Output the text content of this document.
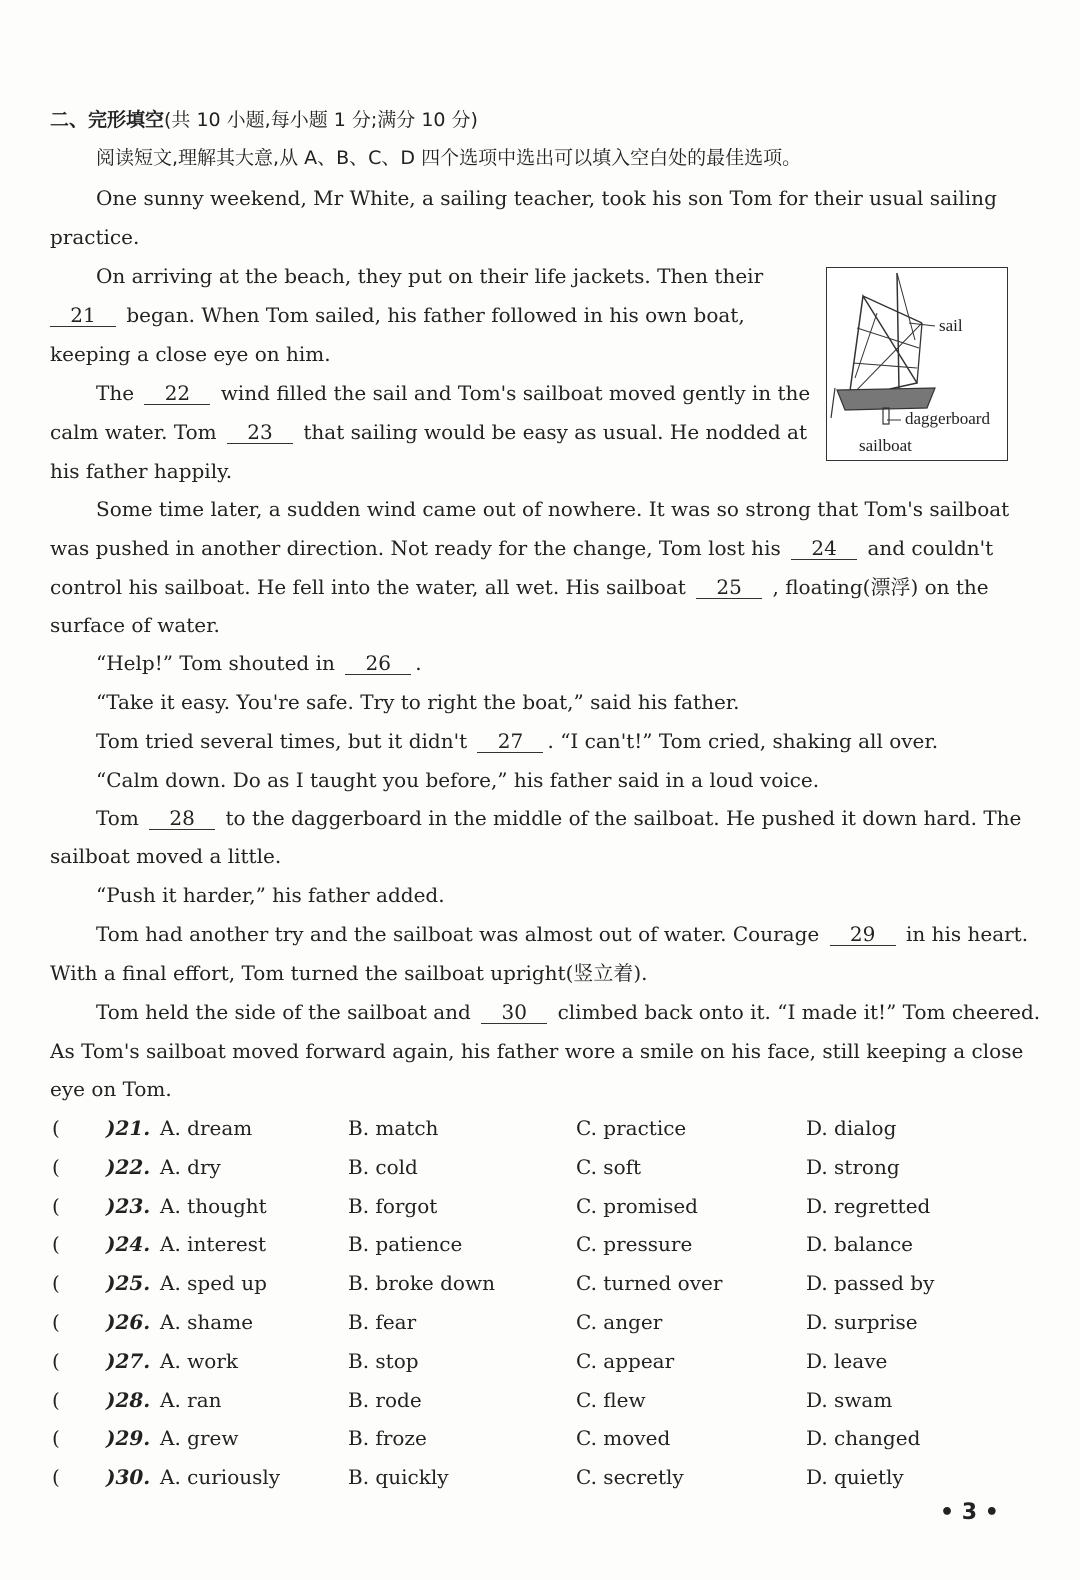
二、完形填空(共 10 小题,每小题 1 分;满分 10 分)
阅读短文,理解其大意,从 A、B、C、D 四个选项中选出可以填入空白处的最佳选项。
One sunny weekend, Mr White, a sailing teacher, took his son Tom for their usual sailing
practice.
On arriving at the beach, they put on their life jackets. Then their
21 began. When Tom sailed, his father followed in his own boat,
keeping a close eye on him.
The 22 wind filled the sail and Tom's sailboat moved gently in the
calm water. Tom 23 that sailing would be easy as usual. He nodded at
his father happily.
sail
daggerboard
sailboat
Some time later, a sudden wind came out of nowhere. It was so strong that Tom's sailboat
was pushed in another direction. Not ready for the change, Tom lost his 24 and couldn't
control his sailboat. He fell into the water, all wet. His sailboat 25 , floating(漂浮) on the
surface of water.
“Help!” Tom shouted in 26 .
“Take it easy. You're safe. Try to right the boat,” said his father.
Tom tried several times, but it didn't 27 . “I can't!” Tom cried, shaking all over.
“Calm down. Do as I taught you before,” his father said in a loud voice.
Tom 28 to the daggerboard in the middle of the sailboat. He pushed it down hard. The
sailboat moved a little.
“Push it harder,” his father added.
Tom had another try and the sailboat was almost out of water. Courage 29 in his heart.
With a final effort, Tom turned the sailboat upright(竖立着).
Tom held the side of the sailboat and 30 climbed back onto it. “I made it!” Tom cheered.
As Tom's sailboat moved forward again, his father wore a smile on his face, still keeping a close
eye on Tom.
( )21. A. dream	B. match	C. practice	D. dialog
( )22. A. dry	B. cold	C. soft	D. strong
( )23. A. thought	B. forgot	C. promised	D. regretted
( )24. A. interest	B. patience	C. pressure	D. balance
( )25. A. sped up	B. broke down	C. turned over	D. passed by
( )26. A. shame	B. fear	C. anger	D. surprise
( )27. A. work	B. stop	C. appear	D. leave
( )28. A. ran	B. rode	C. flew	D. swam
( )29. A. grew	B. froze	C. moved	D. changed
( )30. A. curiously	B. quickly	C. secretly	D. quietly
• 3 •
